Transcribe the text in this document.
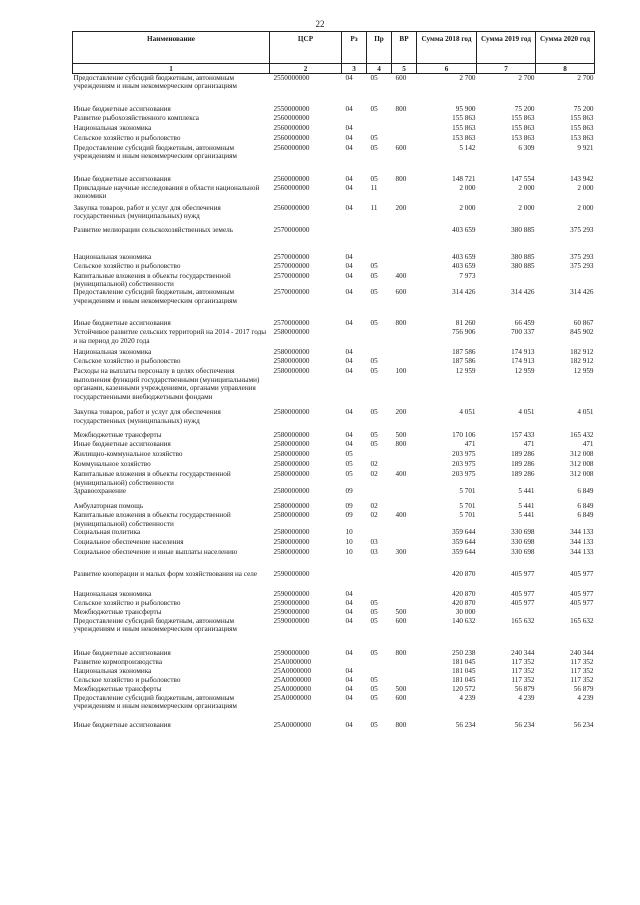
22
Наименование	ЦСР	Рз	Пр	ВР	Сумма 2018 год	Сумма 2019 год	Сумма 2020 год
1	2	3	4	5	6	7	8
Предоставление субсидий бюджетным, автономным учреждениям и иным некоммерческим организациям	2550000000	04	05	600	2 700	2 700	2 700
Иные бюджетные ассигнования	2550000000	04	05	800	95 900	75 200	75 200
Развитие рыбохозяйственного комплекса	2560000000				155 863	155 863	155 863
Национальная экономика	2560000000	04			155 863	155 863	155 863
Сельское хозяйство и рыболовство	2560000000	04	05		153 863	153 863	153 863
Предоставление субсидий бюджетным, автономным учреждениям и иным некоммерческим организациям	2560000000	04	05	600	5 142	6 309	9 921
Иные бюджетные ассигнования	2560000000	04	05	800	148 721	147 554	143 942
Прикладные научные исследования в области национальной экономики	2560000000	04	11		2 000	2 000	2 000
Закупка товаров, работ и услуг для обеспечения государственных (муниципальных) нужд	2560000000	04	11	200	2 000	2 000	2 000
Развитие мелиорации сельскохозяйственных земель	2570000000				403 659	380 885	375 293
Национальная экономика	2570000000	04			403 659	380 885	375 293
Сельское хозяйство и рыболовство	2570000000	04	05		403 659	380 885	375 293
Капитальные вложения в объекты государственной (муниципальной) собственности	2570000000	04	05	400	7 973		
Предоставление субсидий бюджетным, автономным учреждениям и иным некоммерческим организациям	2570000000	04	05	600	314 426	314 426	314 426
Иные бюджетные ассигнования	2570000000	04	05	800	81 260	66 459	60 867
Устойчивое развитие сельских территорий на 2014 - 2017 годы и на период до 2020 года	2580000000				756 906	700 337	845 902
Национальная экономика	2580000000	04			187 586	174 913	182 912
Сельское хозяйство и рыболовство	2580000000	04	05		187 586	174 913	182 912
Расходы на выплаты персоналу в целях обеспечения выполнения функций государственными (муниципальными) органами, казенными учреждениями, органами управления государственными внебюджетными фондами	2580000000	04	05	100	12 959	12 959	12 959
Закупка товаров, работ и услуг для обеспечения государственных (муниципальных) нужд	2580000000	04	05	200	4 051	4 051	4 051
Межбюджетные трансферты	2580000000	04	05	500	170 106	157 433	165 432
Иные бюджетные ассигнования	2580000000	04	05	800	471	471	471
Жилищно-коммунальное хозяйство	2580000000	05			203 975	189 286	312 008
Коммунальное хозяйство	2580000000	05	02		203 975	189 286	312 008
Капитальные вложения в объекты государственной (муниципальной) собственности	2580000000	05	02	400	203 975	189 286	312 008
Здравоохранение	2580000000	09			5 701	5 441	6 849
Амбулаторная помощь	2580000000	09	02		5 701	5 441	6 849
Капитальные вложения в объекты государственной (муниципальной) собственности	2580000000	09	02	400	5 701	5 441	6 849
Социальная политика	2580000000	10			359 644	330 698	344 133
Социальное обеспечение населения	2580000000	10	03		359 644	330 698	344 133
Социальное обеспечение и иные выплаты населению	2580000000	10	03	300	359 644	330 698	344 133
Развитие кооперации и малых форм хозяйствования на селе	2590000000				420 870	405 977	405 977
Национальная экономика	2590000000	04			420 870	405 977	405 977
Сельское хозяйство и рыболовство	2590000000	04	05		420 870	405 977	405 977
Межбюджетные трансферты	2590000000	04	05	500	30 000		
Предоставление субсидий бюджетным, автономным учреждениям и иным некоммерческим организациям	2590000000	04	05	600	140 632	165 632	165 632
Иные бюджетные ассигнования	2590000000	04	05	800	250 238	240 344	240 344
Развитие кормопроизводства	25А0000000				181 045	117 352	117 352
Национальная экономика	25А0000000	04			181 045	117 352	117 352
Сельское хозяйство и рыболовство	25А0000000	04	05		181 045	117 352	117 352
Межбюджетные трансферты	25А0000000	04	05	500	120 572	56 879	56 879
Предоставление субсидий бюджетным, автономным учреждениям и иным некоммерческим организациям	25А0000000	04	05	600	4 239	4 239	4 239
Иные бюджетные ассигнования	25А0000000	04	05	800	56 234	56 234	56 234
